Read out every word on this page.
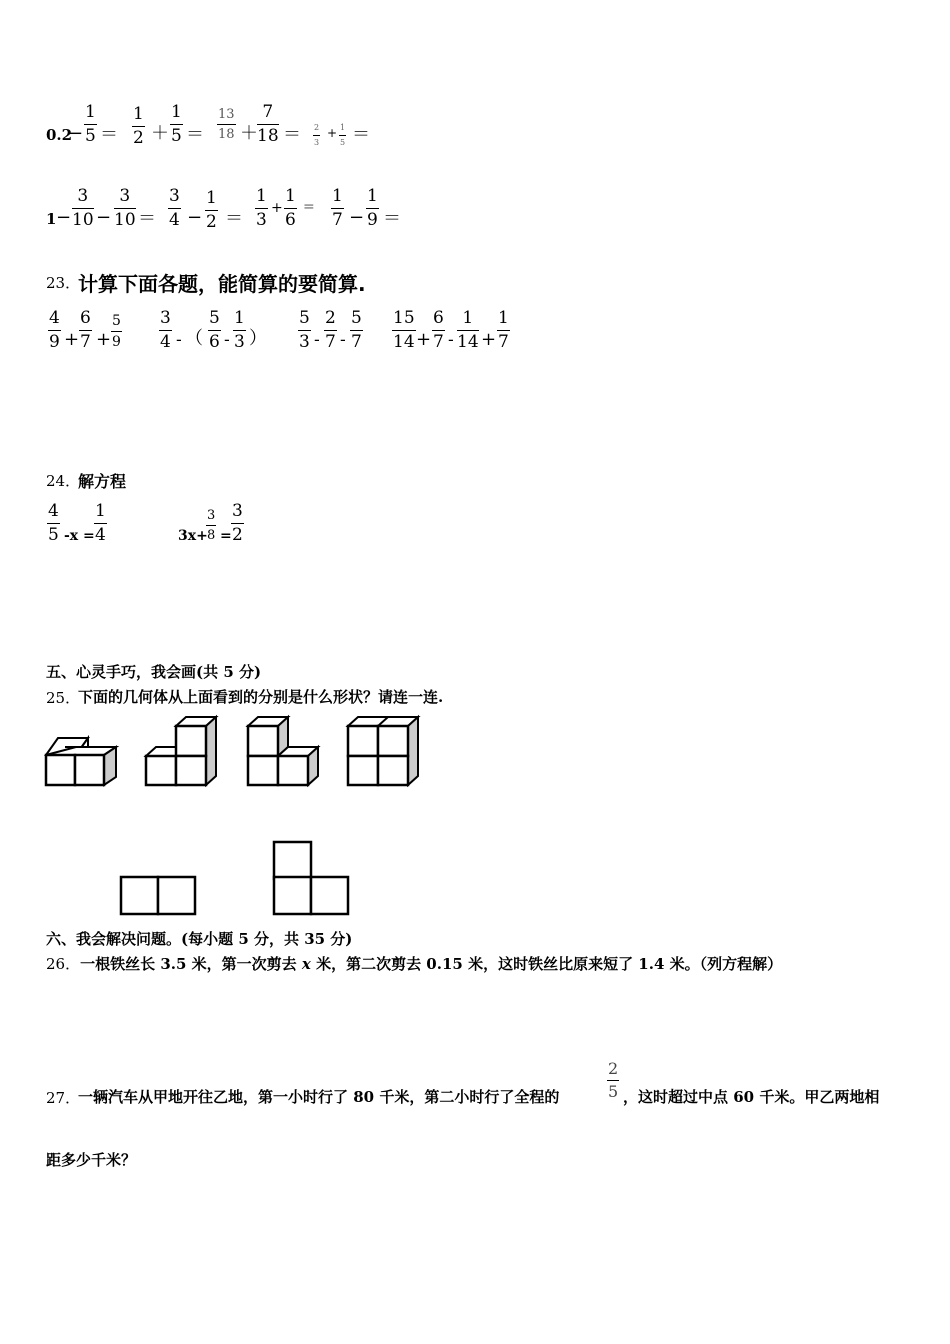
0.2
− $\frac{1}{5} = \frac{1}{2} + \frac{1}{5} = \frac{13}{18} + \frac{7}{18} = \frac{2}{3} + \frac{1}{5}$ ＝
$1 - \frac{3}{10} - \frac{3}{10} = \frac{3}{4} - \frac{1}{2} = \frac{1}{3} + \frac{1}{6} = \frac{1}{7} - \frac{1}{9}$ ＝
23．
计算下面各题，能简算的要简算.
$\frac{4}{9} + \frac{6}{7} + \frac{5}{9} \frac{3}{4}$ - （ $\frac{5}{6} - \frac{1}{3}$ ） $\frac{5}{3} - \frac{2}{7} - \frac{5}{7} \frac{15}{14} + \frac{6}{7} - \frac{1}{14} + \frac{1}{7}$
24．
解方程
$\frac{4}{5} -x = \frac{1}{4}$	3x+
$\frac{3}{8} = \frac{3}{2}$
五、心灵手巧，我会画(共 5 分)
25．
下面的几何体从上面看到的分别是什么形状？请连一连.
六、我会解决问题。(每小题 5 分，共 35 分)
26．一根铁丝长 3.5 米，第一次剪去 x 米，第二次剪去 0.15 米，这时铁丝比原来短了 1.4 米。（列方程解）
27．
一辆汽车从甲地开往乙地，第一小时行了 80 千米，第二小时行了全程的	$\frac{2}{5}$ ，这时超过中点 60 千米。甲乙两地相
距多少千米？
